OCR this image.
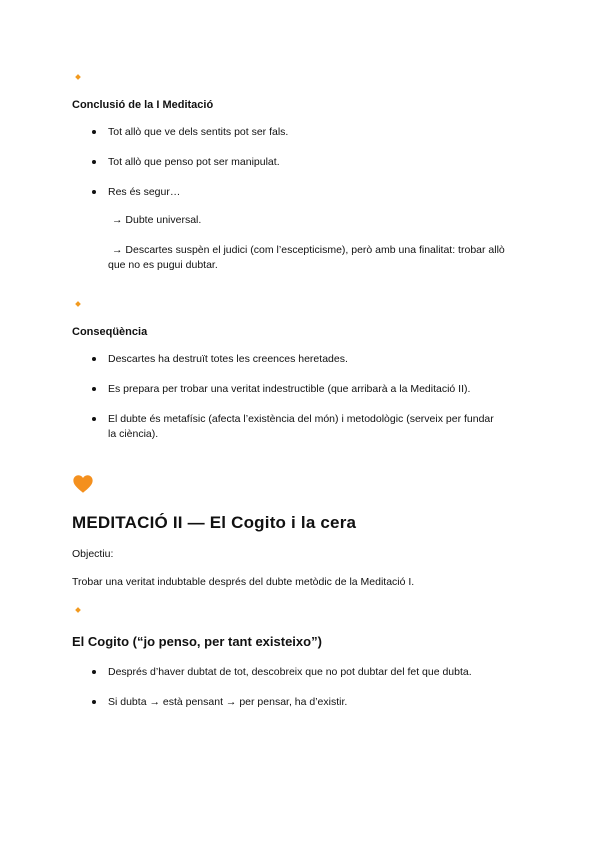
Conclusió de la I Meditació
Tot allò que ve dels sentits pot ser fals.
Tot allò que penso pot ser manipulat.
Res és segur…
→ Dubte universal.
→ Descartes suspèn el judici (com l’escepticisme), però amb una finalitat: trobar allò
que no es pugui dubtar.
Conseqüència
Descartes ha destruït totes les creences heretades.
Es prepara per trobar una veritat indestructible (que arribarà a la Meditació II).
El dubte és metafísic (afecta l’existència del món) i metodològic (serveix per fundar
la ciència).
MEDITACIÓ II — El Cogito i la cera
Objectiu:
Trobar una veritat indubtable després del dubte metòdic de la Meditació I.
El Cogito (“jo penso, per tant existeixo”)
Després d’haver dubtat de tot, descobreix que no pot dubtar del fet que dubta.
Si dubta → està pensant → per pensar, ha d’existir.
